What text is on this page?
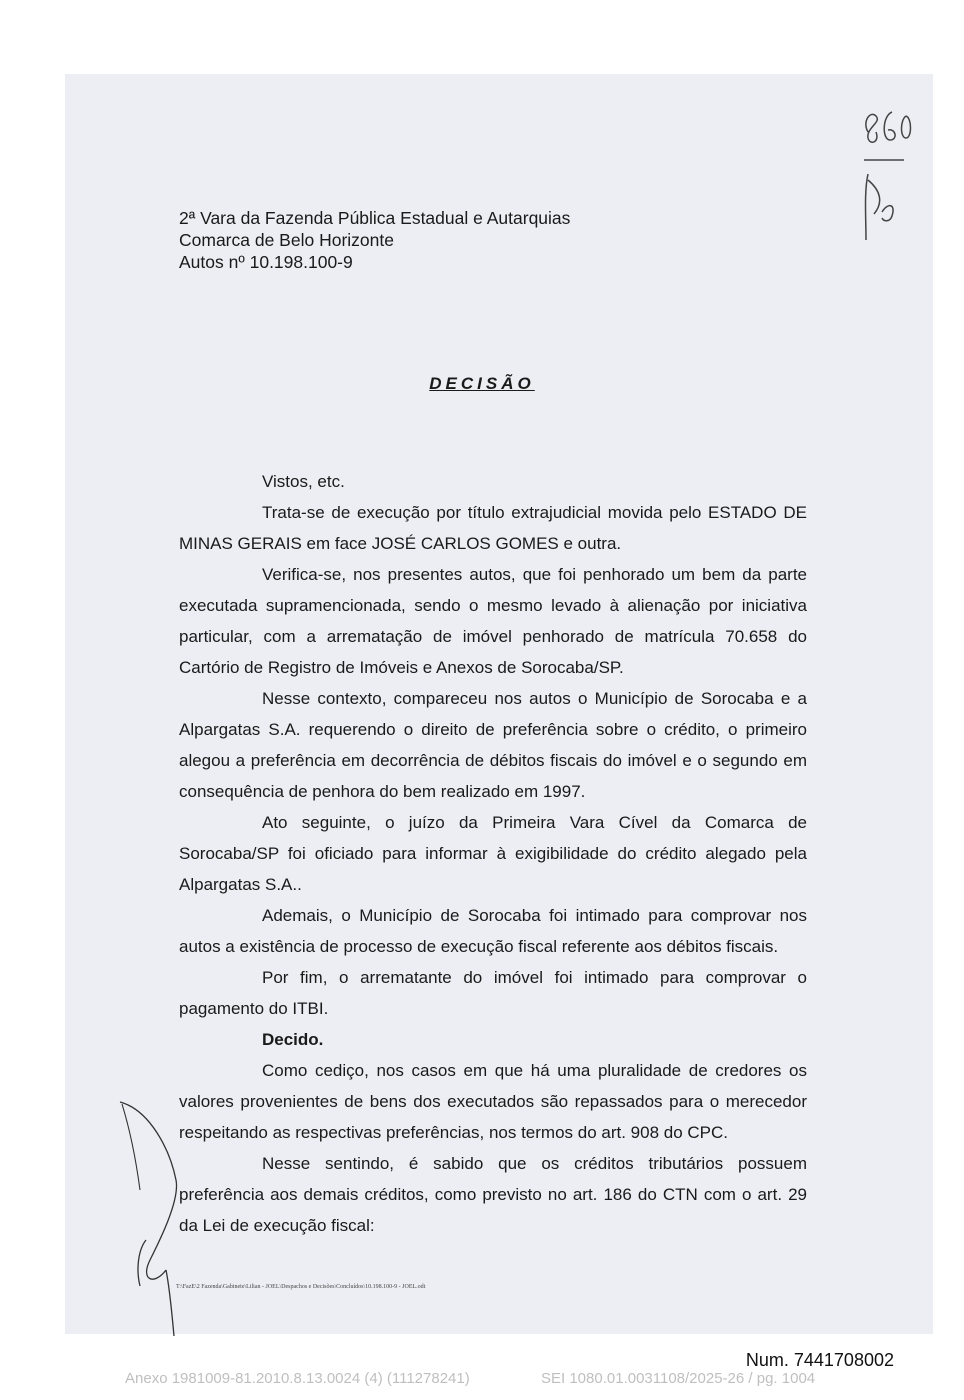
2ª Vara da Fazenda Pública Estadual e Autarquias
Comarca de Belo Horizonte
Autos nº 10.198.100-9
DECISÃO

Vistos, etc.

Trata-se de execução por título extrajudicial movida pelo ESTADO DE MINAS GERAIS em face JOSÉ CARLOS GOMES e outra.

Verifica-se, nos presentes autos, que foi penhorado um bem da parte executada supramencionada, sendo o mesmo levado à alienação por iniciativa particular, com a arrematação de imóvel penhorado de matrícula 70.658 do Cartório de Registro de Imóveis e Anexos de Sorocaba/SP.

Nesse contexto, compareceu nos autos o Município de Sorocaba e a Alpargatas S.A. requerendo o direito de preferência sobre o crédito, o primeiro alegou a preferência em decorrência de débitos fiscais do imóvel e o segundo em consequência de penhora do bem realizado em 1997.

Ato seguinte, o juízo da Primeira Vara Cível da Comarca de Sorocaba/SP foi oficiado para informar à exigibilidade do crédito alegado pela Alpargatas S.A..

Ademais, o Município de Sorocaba foi intimado para comprovar nos autos a existência de processo de execução fiscal referente aos débitos fiscais.

Por fim, o arrematante do imóvel foi intimado para comprovar o pagamento do ITBI.

Decido.

Como cediço, nos casos em que há uma pluralidade de credores os valores provenientes de bens dos executados são repassados para o merecedor respeitando as respectivas preferências, nos termos do art. 908 do CPC.

Nesse sentindo, é sabido que os créditos tributários possuem preferência aos demais créditos, como previsto no art. 186 do CTN com o art. 29 da Lei de execução fiscal:

T:\FazE\2 Fazenda\Gabinete\Lilian - JOEL\Despachos e Decisões\Concluídos\10.198.100-9 - JOEL.odt
Num. 7441708002
Anexo 1981009-81.2010.8.13.0024 (4) (111278241)	SEI 1080.01.0031108/2025-26 / pg. 1004
